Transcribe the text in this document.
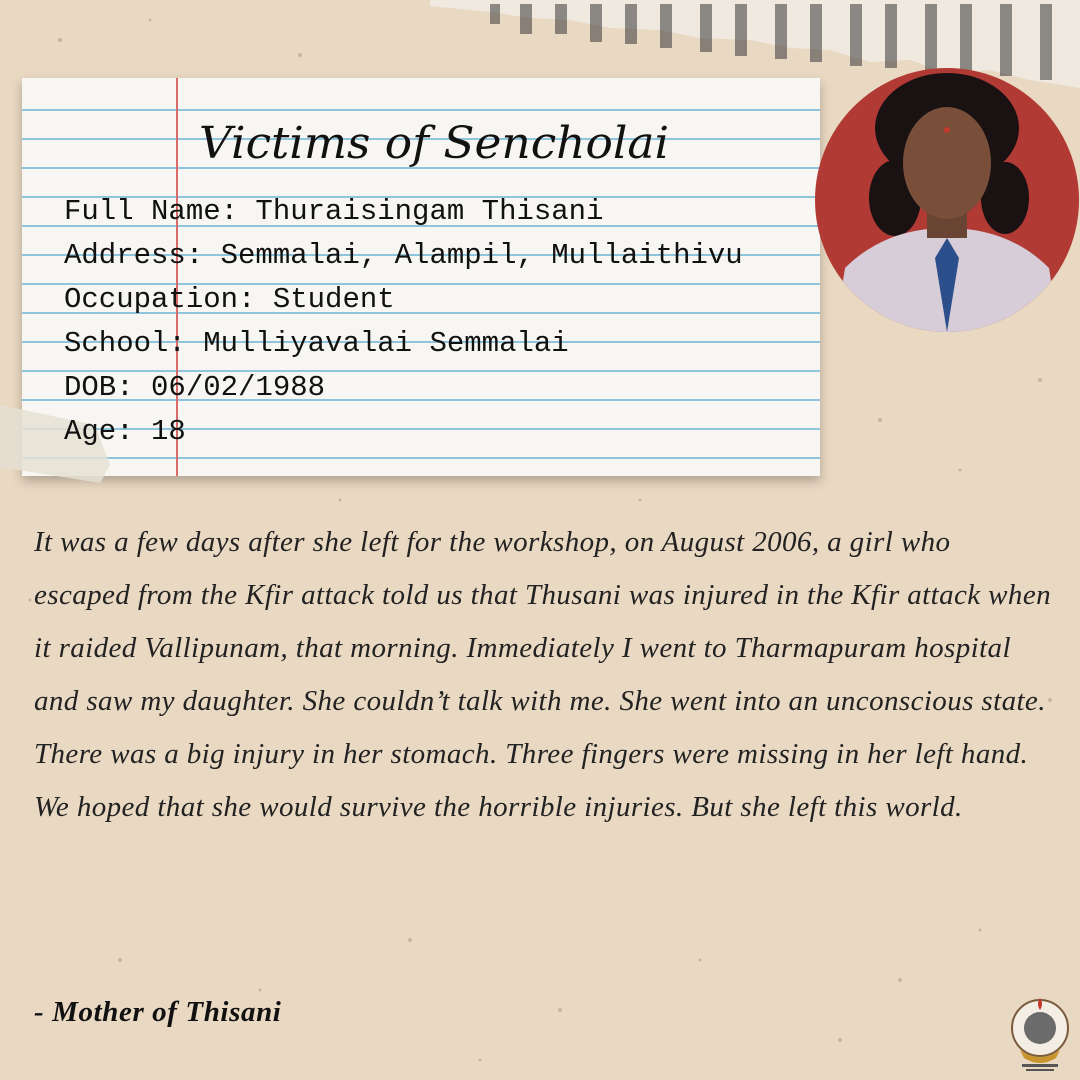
Victims of Sencholai
Full Name: Thuraisingam Thisani
Address: Semmalai, Alampil, Mullaithivu
Occupation: Student
School: Mulliyavalai Semmalai
DOB: 06/02/1988
Age: 18
It was a few days after she left for the workshop, on August 2006, a girl who escaped from the Kfir attack told us that Thusani was injured in the Kfir attack when it raided Vallipunam, that morning. Immediately I went to Tharmapuram hospital and saw my daughter. She couldn’t talk with me. She went into an unconscious state. There was a big injury in her stomach. Three fingers were missing in her left hand. We hoped that she would survive the horrible injuries. But she left this world.
- Mother of Thisani
